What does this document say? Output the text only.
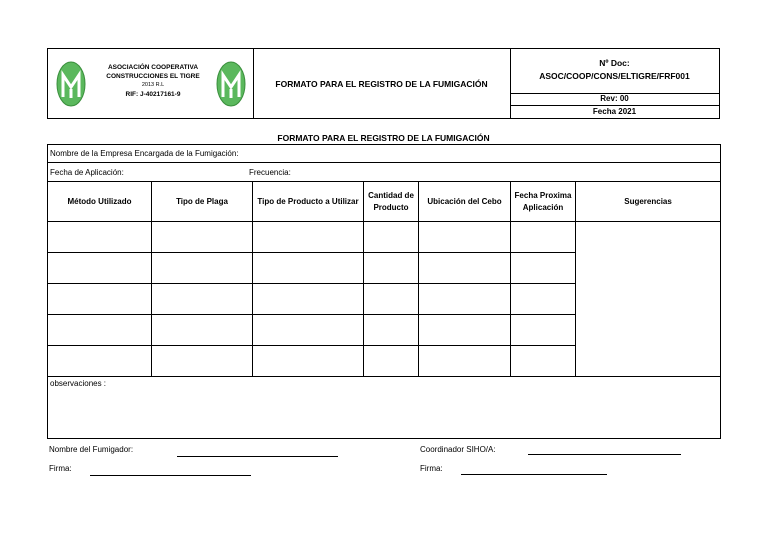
ASOCIACIÓN COOPERATIVA
CONSTRUCCIONES EL TIGRE
2013 R.L
RIF: J-40217161-9
FORMATO PARA EL REGISTRO DE LA FUMIGACIÓN
Nº Doc:
ASOC/COOP/CONS/ELTIGRE/FRF001
Rev: 00
Fecha 2021
FORMATO PARA EL REGISTRO DE LA FUMIGACIÓN
Nombre de la Empresa Encargada de la Fumigación:						
Fecha de Aplicación: Frecuencia:						

Método Utilizado	Tipo de Plaga	Tipo de Producto a Utilizar	Cantidad de Producto	Ubicación del Cebo	Fecha Proxima Aplicación	Sugerencias

observaciones :						
Nombre del Fumigador:	Coordinador SIHO/A:
Firma:	Firma:
